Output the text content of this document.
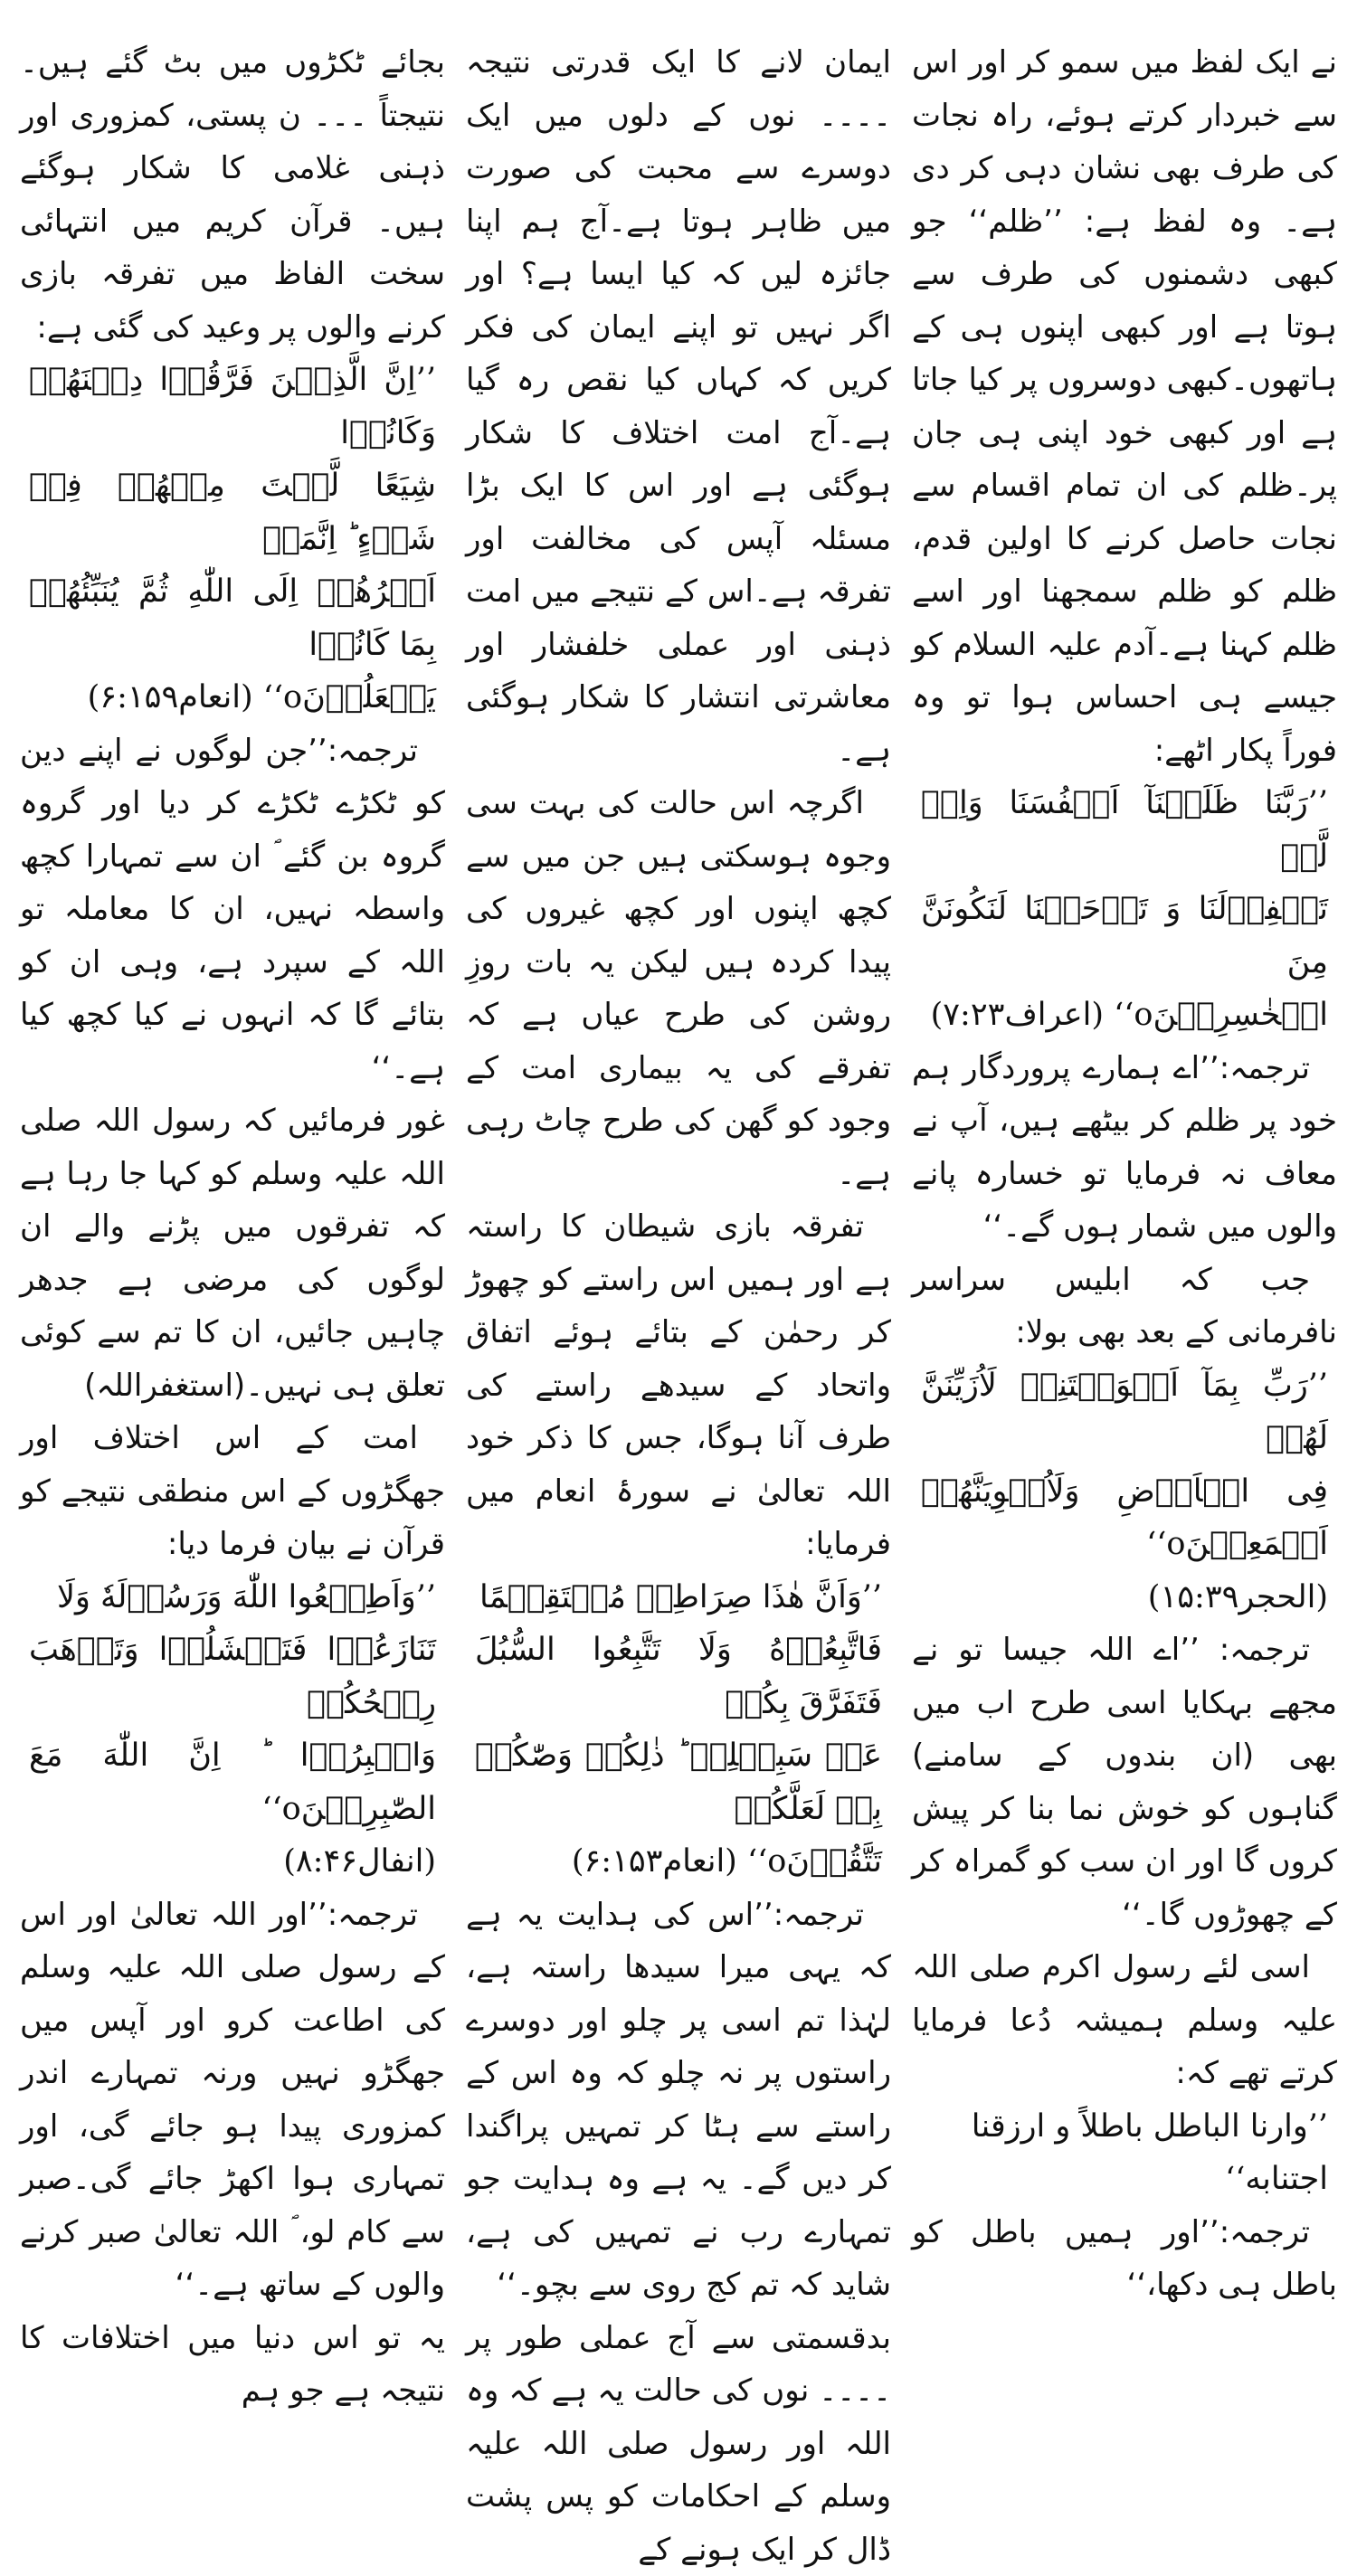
نے ایک لفظ میں سمو کر اور اس سے خبردار کرتے ہوئے، راہ نجات کی طرف بھی نشان دہی کر دی ہے۔ وہ لفظ ہے: ’’ظلم‘‘ جو کبھی دشمنوں کی طرف سے ہوتا ہے اور کبھی اپنوں ہی کے ہاتھوں۔کبھی دوسروں پر کیا جاتا ہے اور کبھی خود اپنی ہی جان پر۔ظلم کی ان تمام اقسام سے نجات حاصل کرنے کا اولین قدم، ظلم کو ظلم سمجھنا اور اسے ظلم کہنا ہے۔آدم علیہ السلام کو جیسے ہی احساس ہوا تو وہ فوراً پکار اٹھے:

’’رَبَّنَا ظَلَمۡنَآ اَنۡفُسَنَا وَاِنۡ لَّمۡ
تَغۡفِرۡلَنَا وَ تَرۡحَمۡنَا لَنَكُونَنَّ مِنَ
الۡخٰسِرِيۡنَo‘‘ (اعراف۷:۲۳)

ترجمہ:’’اے ہمارے پروردگار ہم خود پر ظلم کر بیٹھے ہیں، آپ نے معاف نہ فرمایا تو خسارہ پانے والوں میں شمار ہوں گے۔‘‘

جب کہ ابلیس سراسر نافرمانی کے بعد بھی بولا:

’’رَبِّ بِمَآ اَغۡوَيۡتَنِىۡ لَاُزَيِّنَنَّ لَهُمۡ
فِى الۡاَرۡضِ وَلَاُغۡوِيَنَّهُمۡ اَجۡمَعِيۡنَo‘‘
(الحجر۱۵:۳۹)

ترجمہ: ’’اے اللہ جیسا تو نے مجھے بہکایا اسی طرح اب میں بھی (ان بندوں کے سامنے) گناہوں کو خوش نما بنا کر پیش کروں گا اور ان سب کو گمراہ کر کے چھوڑوں گا۔‘‘

اسی لئے رسول اکرم صلی اللہ علیہ وسلم ہمیشہ دُعا فرمایا کرتے تھے کہ:

’’وارنا الباطل باطلاً و ارزقنا
اجتنابه‘‘

ترجمہ:’’اور ہمیں باطل کو باطل ہی دکھا،‘‘

ایمان لانے کا ایک قدرتی نتیجہ ۔۔۔۔ نوں کے دلوں میں ایک دوسرے سے محبت کی صورت میں ظاہر ہوتا ہے۔آج ہم اپنا جائزہ لیں کہ کیا ایسا ہے؟ اور اگر نہیں تو اپنے ایمان کی فکر کریں کہ کہاں کیا نقص رہ گیا ہے۔آج امت اختلاف کا شکار ہوگئی ہے اور اس کا ایک بڑا مسئلہ آپس کی مخالفت اور تفرقہ ہے۔اس کے نتیجے میں امت ذہنی اور عملی خلفشار اور معاشرتی انتشار کا شکار ہوگئی ہے۔

اگرچہ اس حالت کی بہت سی وجوہ ہوسکتی ہیں جن میں سے کچھ اپنوں اور کچھ غیروں کی پیدا کردہ ہیں لیکن یہ بات روزِ روشن کی طرح عیاں ہے کہ تفرقے کی یہ بیماری امت کے وجود کو گھن کی طرح چاٹ رہی ہے۔

تفرقہ بازی شیطان کا راستہ ہے اور ہمیں اس راستے کو چھوڑ کر رحمٰن کے بتائے ہوئے اتفاق واتحاد کے سیدھے راستے کی طرف آنا ہوگا، جس کا ذکر خود اللہ تعالیٰ نے سورۂ انعام میں فرمایا:

’’وَاَنَّ هٰذَا صِرَاطِىۡ مُسۡتَقِيۡمًا
فَاتَّبِعُوۡهُ وَلَا تَتَّبِعُوا السُّبُلَ فَتَفَرَّقَ بِكُمۡ
عَنۡ سَبِيۡلِهٖ ؕ ذٰلِكُمۡ وَصّٰكُمۡ بِهٖ لَعَلَّكُمۡ
تَتَّقُوۡنَo‘‘ (انعام۶:۱۵۳)

ترجمہ:’’اس کی ہدایت یہ ہے کہ یہی میرا سیدھا راستہ ہے، لہٰذا تم اسی پر چلو اور دوسرے راستوں پر نہ چلو کہ وہ اس کے راستے سے ہٹا کر تمہیں پراگندا کر دیں گے۔ یہ ہے وہ ہدایت جو تمہارے رب نے تمہیں کی ہے، شاید کہ تم کج روی سے بچو۔‘‘

بدقسمتی سے آج عملی طور پر ۔۔۔۔ نوں کی حالت یہ ہے کہ وہ اللہ اور رسول صلی اللہ علیہ وسلم کے احکامات کو پس پشت ڈال کر ایک ہونے کے

بجائے ٹکڑوں میں بٹ گئے ہیں۔نتیجتاً ۔۔۔ ن پستی، کمزوری اور ذہنی غلامی کا شکار ہوگئے ہیں۔ قرآن کریم میں انتہائی سخت الفاظ میں تفرقہ بازی کرنے والوں پر وعید کی گئی ہے:

’’اِنَّ الَّذِيۡنَ فَرَّقُوۡا دِيۡنَهُمۡ وَكَانُوۡا
شِيَعًا لَّسۡتَ مِنۡهُمۡ فِىۡ شَىۡءٍ ؕ اِنَّمَاۤ
اَمۡرُهُمۡ اِلَى اللّٰهِ ثُمَّ يُنَبِّئُهُمۡ بِمَا كَانُوۡا
يَفۡعَلُوۡنَo‘‘ (انعام۶:۱۵۹)

ترجمہ:’’جن لوگوں نے اپنے دین کو ٹکڑے ٹکڑے کر دیا اور گروہ گروہ بن گئے ؐ ان سے تمہارا کچھ واسطہ نہیں، ان کا معاملہ تو اللہ کے سپرد ہے، وہی ان کو بتائے گا کہ انہوں نے کیا کچھ کیا ہے۔‘‘

غور فرمائیں کہ رسول اللہ صلی اللہ علیہ وسلم کو کہا جا رہا ہے کہ تفرقوں میں پڑنے والے ان لوگوں کی مرضی ہے جدھر چاہیں جائیں، ان کا تم سے کوئی تعلق ہی نہیں۔(استغفراللہ)

امت کے اس اختلاف اور جھگڑوں کے اس منطقی نتیجے کو قرآن نے بیان فرما دیا:

’’وَاَطِيۡعُوا اللّٰهَ وَرَسُوۡلَهٗ وَلَا
تَنَازَعُوۡا فَتَفۡشَلُوۡا وَتَذۡهَبَ رِيۡحُكُمۡ
وَاصۡبِرُوۡا ؕ اِنَّ اللّٰهَ مَعَ الصّٰبِرِيۡنَo‘‘
(انفال۸:۴۶)

ترجمہ:’’اور اللہ تعالیٰ اور اس کے رسول صلی اللہ علیہ وسلم کی اطاعت کرو اور آپس میں جھگڑو نہیں ورنہ تمہارے اندر کمزوری پیدا ہو جائے گی، اور تمہاری ہوا اکھڑ جائے گی۔صبر سے کام لو، ؐ اللہ تعالیٰ صبر کرنے والوں کے ساتھ ہے۔‘‘

یہ تو اس دنیا میں اختلافات کا نتیجہ ہے جو ہم
